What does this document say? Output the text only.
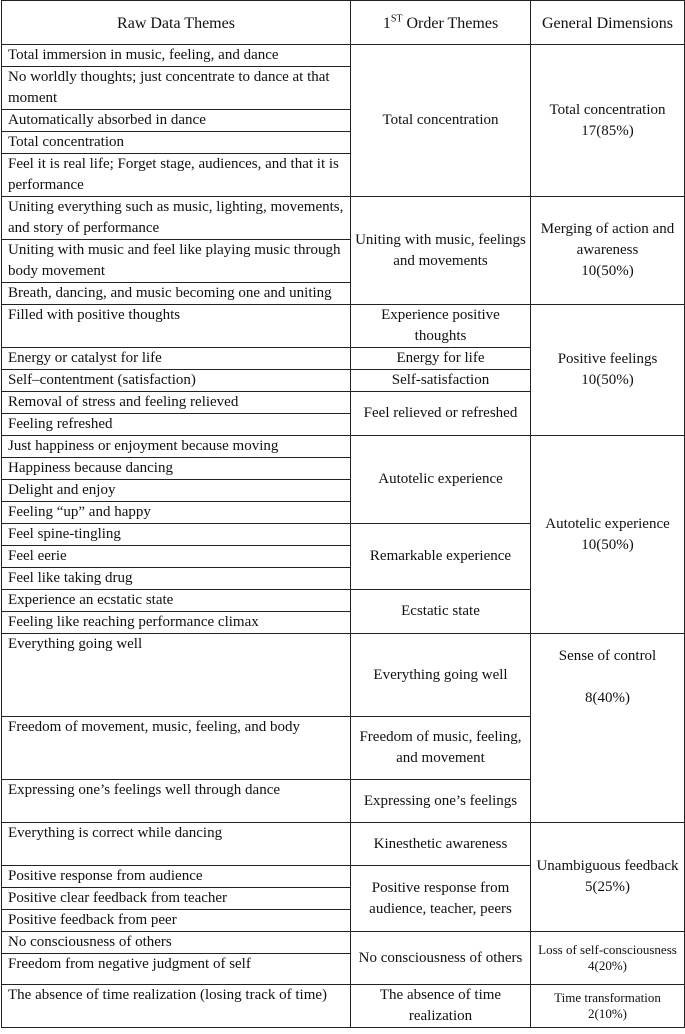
Raw Data Themes	1ST Order Themes	General Dimensions
Total immersion in music, feeling, and dance	Total concentration	Total concentration
17(85%)
No worldly thoughts; just concentrate to dance at that moment		
Automatically absorbed in dance		
Total concentration		
Feel it is real life; Forget stage, audiences, and that it is performance		
Uniting everything such as music, lighting, movements, and story of performance	Uniting with music, feelings and movements	Merging of action and awareness
10(50%)
Uniting with music and feel like playing music through body movement		
Breath, dancing, and music becoming one and uniting		
Filled with positive thoughts	Experience positive thoughts	Positive feelings
10(50%)
Energy or catalyst for life	Energy for life	
Self–contentment (satisfaction)	Self-satisfaction	
Removal of stress and feeling relieved	Feel relieved or refreshed	
Feeling refreshed		
Just happiness or enjoyment because moving	Autotelic experience	Autotelic experience
10(50%)
Happiness because dancing		
Delight and enjoy		
Feeling “up” and happy		
Feel spine-tingling	Remarkable experience	
Feel eerie		
Feel like taking drug		
Experience an ecstatic state	Ecstatic state	
Feeling like reaching performance climax		
Everything going well	Everything going well	Sense of control

8(40%)
Freedom of movement, music, feeling, and body	Freedom of music, feeling, and movement	
Expressing one’s feelings well through dance	Expressing one’s feelings	
Everything is correct while dancing	Kinesthetic awareness	Unambiguous feedback
5(25%)
Positive response from audience	Positive response from audience, teacher, peers	
Positive clear feedback from teacher		
Positive feedback from peer		
No consciousness of others	No consciousness of others	Loss of self-consciousness
4(20%)
Freedom from negative judgment of self		
The absence of time realization (losing track of time)	The absence of time realization	Time transformation
2(10%)
